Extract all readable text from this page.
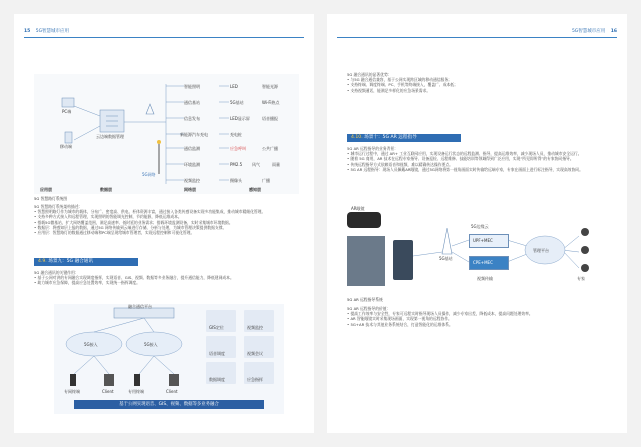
15 5G智慧城市应用
PC端
移动端
云边端数据管理
5G网络
智能照明	LED	智能光源
通信基站	5G基站	Wi-Fi热点
信息发布	LED显示屏	语音播报
新能源汽车充电	充电桩
通信监测	应急呼叫	公共广播
环境监测	PM2.5 风气	雨量
视频监控	摄像头	广播
应用层	数据层	网络层	感知层
5G 智慧路灯系统图
5G 智慧路灯系统架构描述：
• 智慧照明路灯作为城市的载体，分布广、密度高、供电、杆体资源丰富，通过接入各类传感设备实现多功能集成，推动城市精细化管理。
• 支持多种方式接入和远程管理，实现照明的智能调光控制，节约能源，降低运维成本。
• 搭载5G微基站，扩大网络覆盖范围，满足高速率、低时延的业务需求；搭载环境监测设备，实时采集城市环境数据。
• 数据层：将感知层上报的数据，通过5G 网络传输到云端进行存储、分析与处理，为城市管理决策提供数据支撑。
• 应用层：智慧路灯的数据通过移动端和PC端呈现给城市管理者，实现远程控制和可视化管理。
4.9. 场景九：5G 融合通讯
5G 融合通讯的关键作用：
• 基于公网对讲的专网融合实现调度指挥，实现语音、GIS、视频、数据等多业务融合，提升通信能力，降低建网成本。
• 助力城市应急保障，提高应急处置效率，实现统一指挥调度。
融合通信平台
5G接入	5G接入
专网终端	Client	专用终端	Client
GIS定位	视频监控
语音调度	视频会议
数据调度	应急指挥
基于公网实现语音、GIS、视频、数据等多业务融合
5G智慧城市应用 16
5G 融合通讯的显著优势：
• 与5G 融合通信兼容，基于公网实现跨区域的移动通信服务；
• 支持终端、调度终端、PC、手机等终端接入，覆盖广、成本低；
• 支持视频通话，能满足多样化的应急场景需求。
4.10. 场景十：5G AR 远程指导
5G AR 远程指导的业务背景：
• 城市运行过程中，通过 AR+ 工业互联网应用，实现设备运行状态的远程监测、指导，提高运维效率，减少现场人员，推动城市安全运行。
• 随着 5G 商用，AR 技术在远程专家指导、设备巡检、远程维修、技能培训等领域得到广泛应用，实现“所见即所得”的专家协同指导。
• 传统远程指导方式依赖语音和视频，难以精确传达操作要点。
• 5G AR 远程指导：现场人员佩戴AR眼镜，通过5G网络将第一视角画面实时传输给远端专家，专家在画面上进行标注指导，实现高效协同。
AR眼镜
5G基站
UPF+MEC
CPE+MEC
5G边缘云
管理平台
视频传输	专家
5G AR 远程指导系统
5G AR 远程指导的价值：
• 提高工作效率与安全性，专家可远程实时指导现场人员操作，减少专家出差，降低成本，提高问题处理效率。
• AR 智能眼镜实时采集现场画面，实现第一视角的远程协作。
• 5G+AR 技术与其他业务系统结合，打造智能化的运维体系。
